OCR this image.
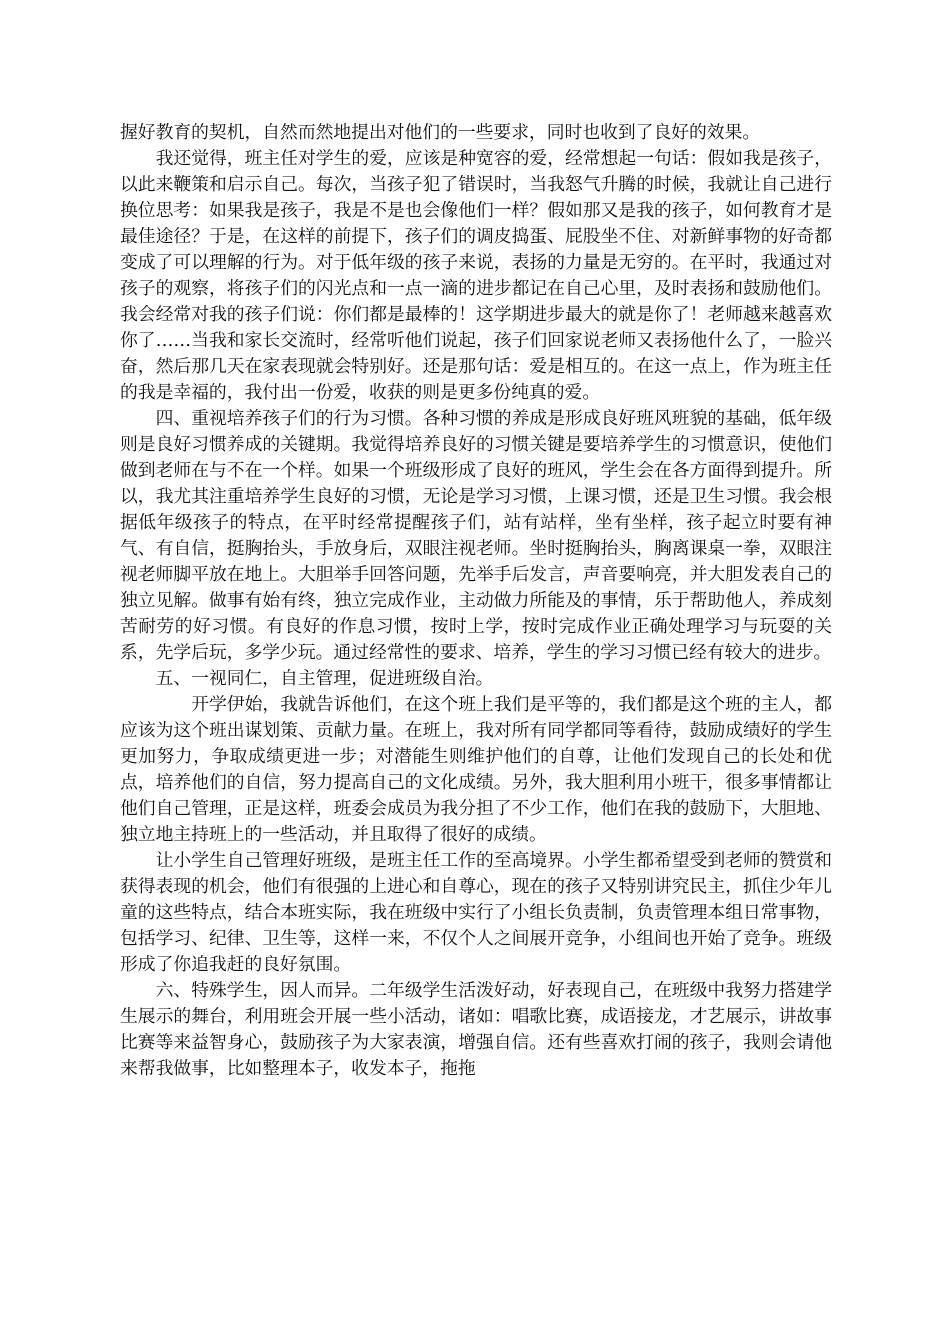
握好教育的契机，自然而然地提出对他们的一些要求，同时也收到了良好的效果。

我还觉得，班主任对学生的爱，应该是种宽容的爱，经常想起一句话：假如我是孩子，以此来鞭策和启示自己。每次，当孩子犯了错误时，当我怒气升腾的时候，我就让自己进行换位思考：如果我是孩子，我是不是也会像他们一样？假如那又是我的孩子，如何教育才是最佳途径？于是，在这样的前提下，孩子们的调皮捣蛋、屁股坐不住、对新鲜事物的好奇都变成了可以理解的行为。对于低年级的孩子来说，表扬的力量是无穷的。在平时，我通过对孩子的观察，将孩子们的闪光点和一点一滴的进步都记在自己心里，及时表扬和鼓励他们。我会经常对我的孩子们说：你们都是最棒的！这学期进步最大的就是你了！老师越来越喜欢你了……当我和家长交流时，经常听他们说起，孩子们回家说老师又表扬他什么了，一脸兴奋，然后那几天在家表现就会特别好。还是那句话：爱是相互的。在这一点上，作为班主任的我是幸福的，我付出一份爱，收获的则是更多份纯真的爱。

四、重视培养孩子们的行为习惯。各种习惯的养成是形成良好班风班貌的基础，低年级则是良好习惯养成的关键期。我觉得培养良好的习惯关键是要培养学生的习惯意识，使他们做到老师在与不在一个样。如果一个班级形成了良好的班风，学生会在各方面得到提升。所以，我尤其注重培养学生良好的习惯，无论是学习习惯，上课习惯，还是卫生习惯。我会根据低年级孩子的特点，在平时经常提醒孩子们，站有站样，坐有坐样，孩子起立时要有神气、有自信，挺胸抬头，手放身后，双眼注视老师。坐时挺胸抬头，胸离课桌一拳，双眼注视老师脚平放在地上。大胆举手回答问题，先举手后发言，声音要响亮，并大胆发表自己的独立见解。做事有始有终，独立完成作业，主动做力所能及的事情，乐于帮助他人，养成刻苦耐劳的好习惯。有良好的作息习惯，按时上学，按时完成作业正确处理学习与玩耍的关系，先学后玩，多学少玩。通过经常性的要求、培养，学生的学习习惯已经有较大的进步。

五、一视同仁，自主管理，促进班级自治。

开学伊始，我就告诉他们，在这个班上我们是平等的，我们都是这个班的主人，都应该为这个班出谋划策、贡献力量。在班上，我对所有同学都同等看待，鼓励成绩好的学生更加努力，争取成绩更进一步；对潜能生则维护他们的自尊，让他们发现自己的长处和优点，培养他们的自信，努力提高自己的文化成绩。另外，我大胆利用小班干，很多事情都让他们自己管理，正是这样，班委会成员为我分担了不少工作，他们在我的鼓励下，大胆地、独立地主持班上的一些活动，并且取得了很好的成绩。

让小学生自己管理好班级，是班主任工作的至高境界。小学生都希望受到老师的赞赏和获得表现的机会，他们有很强的上进心和自尊心，现在的孩子又特别讲究民主，抓住少年儿童的这些特点，结合本班实际，我在班级中实行了小组长负责制，负责管理本组日常事物，包括学习、纪律、卫生等，这样一来，不仅个人之间展开竞争，小组间也开始了竞争。班级形成了你追我赶的良好氛围。

六、特殊学生，因人而异。二年级学生活泼好动，好表现自己，在班级中我努力搭建学生展示的舞台，利用班会开展一些小活动，诸如：唱歌比赛，成语接龙，才艺展示，讲故事比赛等来益智身心，鼓励孩子为大家表演，增强自信。还有些喜欢打闹的孩子，我则会请他来帮我做事，比如整理本子，收发本子，拖拖
